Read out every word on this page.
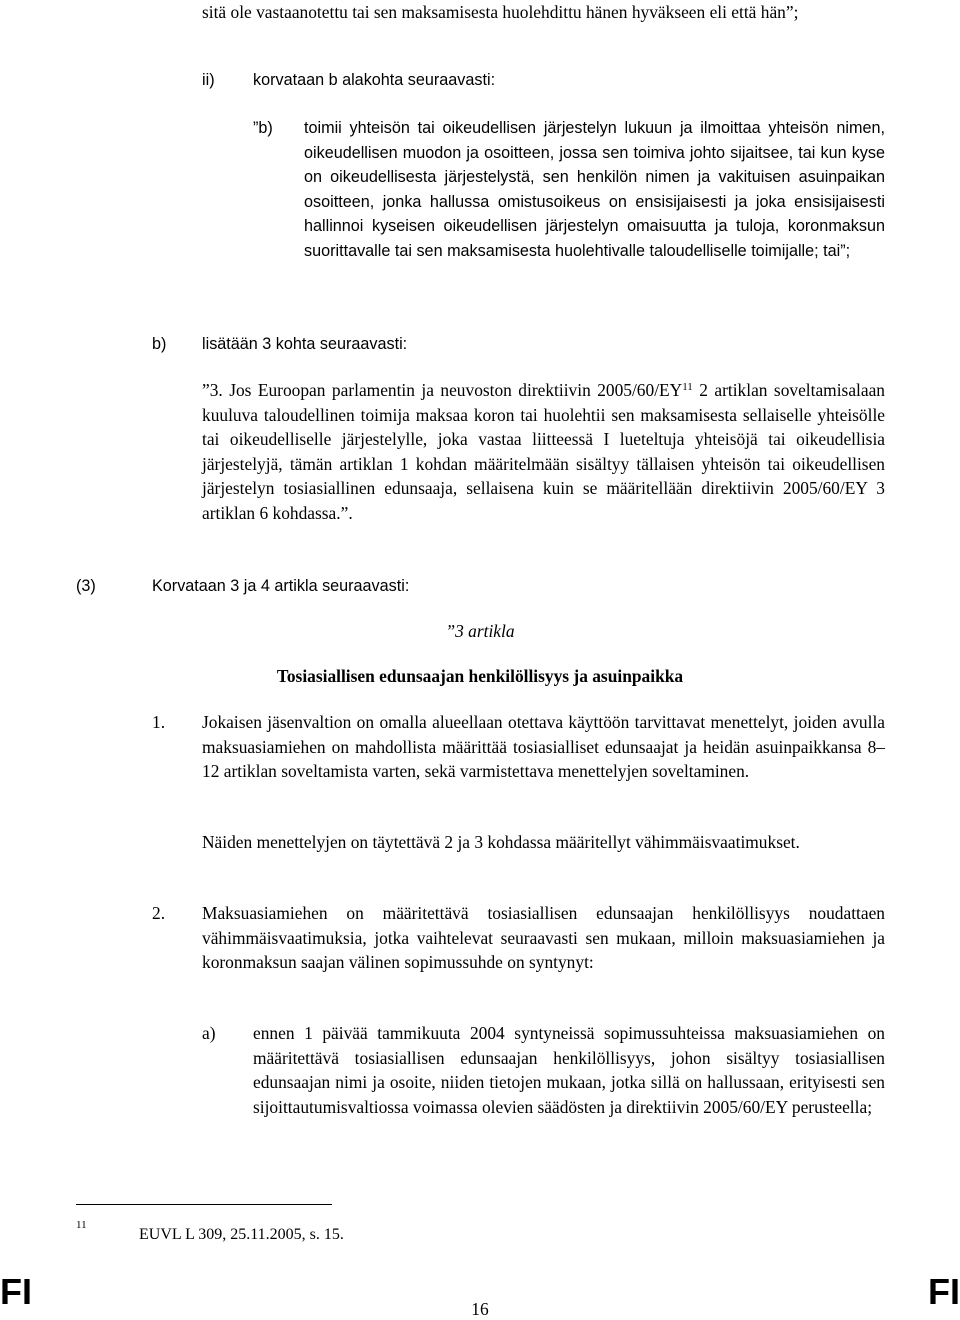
sitä ole vastaanotettu tai sen maksamisesta huolehdittu hänen hyväkseen eli että hän”;
ii) korvataan b alakohta seuraavasti:
”b) toimii yhteisön tai oikeudellisen järjestelyn lukuun ja ilmoittaa yhteisön nimen, oikeudellisen muodon ja osoitteen, jossa sen toimiva johto sijaitsee, tai kun kyse on oikeudellisesta järjestelystä, sen henkilön nimen ja vakituisen asuinpaikan osoitteen, jonka hallussa omistusoikeus on ensisijaisesti ja joka ensisijaisesti hallinnoi kyseisen oikeudellisen järjestelyn omaisuutta ja tuloja, koronmaksun suorittavalle tai sen maksamisesta huolehtivalle taloudelliselle toimijalle; tai”;
b) lisätään 3 kohta seuraavasti:
”3. Jos Euroopan parlamentin ja neuvoston direktiivin 2005/60/EY$^{11}$ 2 artiklan soveltamisalaan kuuluva taloudellinen toimija maksaa koron tai huolehtii sen maksamisesta sellaiselle yhteisölle tai oikeudelliselle järjestelylle, joka vastaa liitteessä I lueteltuja yhteisöjä tai oikeudellisia järjestelyjä, tämän artiklan 1 kohdan määritelmään sisältyy tällaisen yhteisön tai oikeudellisen järjestelyn tosiasiallinen edunsaaja, sellaisena kuin se määritellään direktiivin 2005/60/EY 3 artiklan 6 kohdassa.”.
(3)	Korvataan 3 ja 4 artikla seuraavasti:
”3 artikla
Tosiasiallisen edunsaajan henkilöllisyys ja asuinpaikka
1. Jokaisen jäsenvaltion on omalla alueellaan otettava käyttöön tarvittavat menettelyt, joiden avulla maksuasiamiehen on mahdollista määrittää tosiasialliset edunsaajat ja heidän asuinpaikkansa 8–12 artiklan soveltamista varten, sekä varmistettava menettelyjen soveltaminen.
Näiden menettelyjen on täytettävä 2 ja 3 kohdassa määritellyt vähimmäisvaatimukset.
2. Maksuasiamiehen on määritettävä tosiasiallisen edunsaajan henkilöllisyys noudattaen vähimmäisvaatimuksia, jotka vaihtelevat seuraavasti sen mukaan, milloin maksuasiamiehen ja koronmaksun saajan välinen sopimussuhde on syntynyt:
a) ennen 1 päivää tammikuuta 2004 syntyneissä sopimussuhteissa maksuasiamiehen on määritettävä tosiasiallisen edunsaajan henkilöllisyys, johon sisältyy tosiasiallisen edunsaajan nimi ja osoite, niiden tietojen mukaan, jotka sillä on hallussaan, erityisesti sen sijoittautumisvaltiossa voimassa olevien säädösten ja direktiivin 2005/60/EY perusteella;
11
EUVL L 309, 25.11.2005, s. 15.
FI	16	FI
